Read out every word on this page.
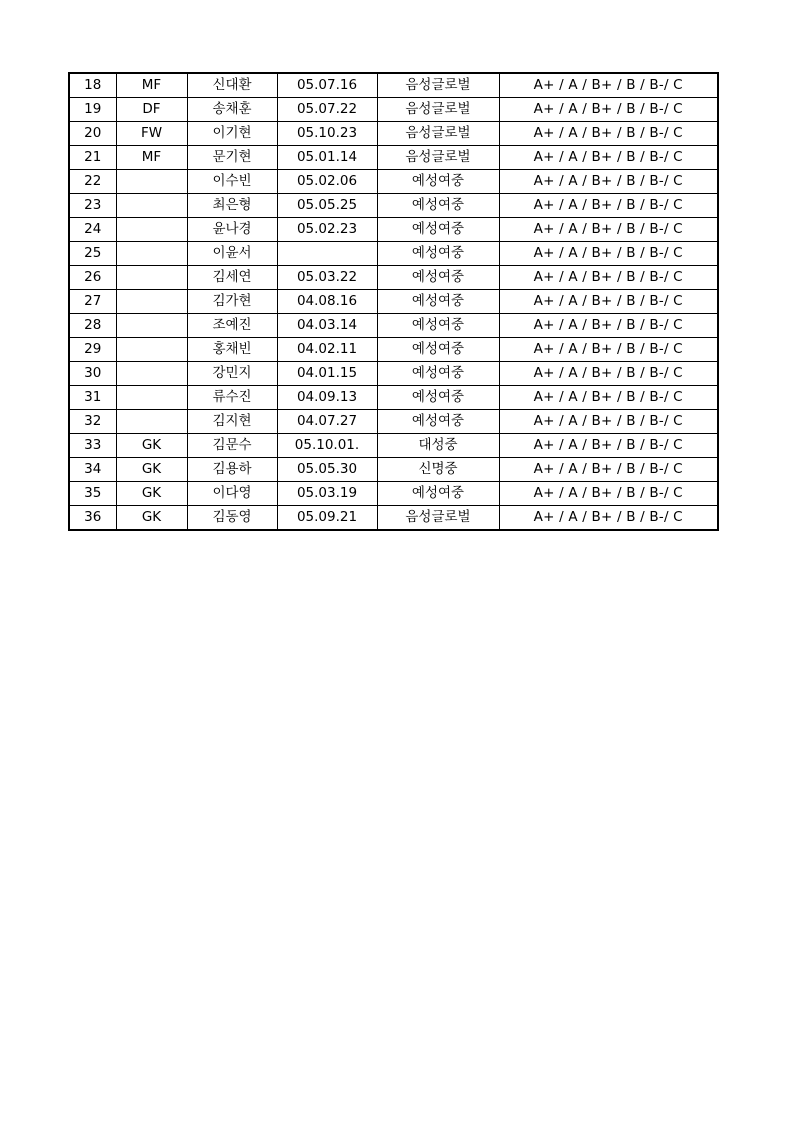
18	MF	신대환	05.07.16	음성글로벌	A+ / A / B+ / B / B-/ C
19	DF	송채훈	05.07.22	음성글로벌	A+ / A / B+ / B / B-/ C
20	FW	이기현	05.10.23	음성글로벌	A+ / A / B+ / B / B-/ C
21	MF	문기현	05.01.14	음성글로벌	A+ / A / B+ / B / B-/ C
22		이수빈	05.02.06	예성여중	A+ / A / B+ / B / B-/ C
23		최은형	05.05.25	예성여중	A+ / A / B+ / B / B-/ C
24		윤나경	05.02.23	예성여중	A+ / A / B+ / B / B-/ C
25		이윤서		예성여중	A+ / A / B+ / B / B-/ C
26		김세연	05.03.22	예성여중	A+ / A / B+ / B / B-/ C
27		김가현	04.08.16	예성여중	A+ / A / B+ / B / B-/ C
28		조예진	04.03.14	예성여중	A+ / A / B+ / B / B-/ C
29		홍채빈	04.02.11	예성여중	A+ / A / B+ / B / B-/ C
30		강민지	04.01.15	예성여중	A+ / A / B+ / B / B-/ C
31		류수진	04.09.13	예성여중	A+ / A / B+ / B / B-/ C
32		김지현	04.07.27	예성여중	A+ / A / B+ / B / B-/ C
33	GK	김문수	05.10.01.	대성중	A+ / A / B+ / B / B-/ C
34	GK	김용하	05.05.30	신명중	A+ / A / B+ / B / B-/ C
35	GK	이다영	05.03.19	예성여중	A+ / A / B+ / B / B-/ C
36	GK	김동영	05.09.21	음성글로벌	A+ / A / B+ / B / B-/ C
